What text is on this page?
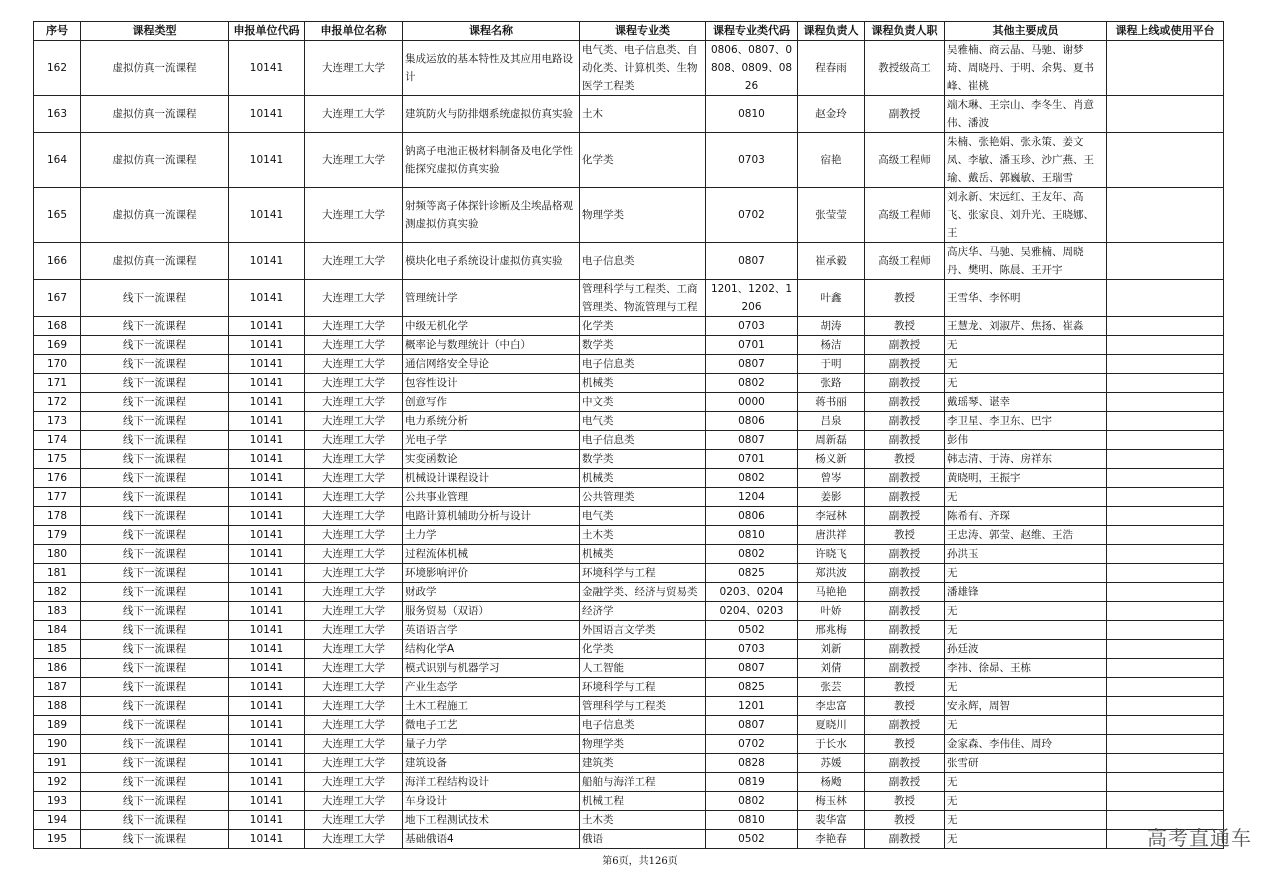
序号	课程类型	申报单位代码	申报单位名称	课程名称	课程专业类	课程专业类代码	课程负责人	课程负责人职	其他主要成员	课程上线或使用平台
162	虚拟仿真一流课程	10141	大连理工大学	集成运放的基本特性及其应用电路设计	电气类、电子信息类、自动化类、计算机类、生物医学工程类	0806、0807、0808、0809、0826	程春雨	教授级高工	吴雅楠、商云晶、马驰、谢梦琦、周晓丹、于明、余隽、夏书峰、崔桃	
163	虚拟仿真一流课程	10141	大连理工大学	建筑防火与防排烟系统虚拟仿真实验	土木	0810	赵金玲	副教授	端木琳、王宗山、李冬生、肖意伟、潘波	
164	虚拟仿真一流课程	10141	大连理工大学	钠离子电池正极材料制备及电化学性能探究虚拟仿真实验	化学类	0703	宿艳	高级工程师	朱楠、张艳娟、张永策、姜文凤、李敏、潘玉珍、沙广燕、王瑜、戴岳、郭巍敏、王瑞雪	
165	虚拟仿真一流课程	10141	大连理工大学	射频等离子体探针诊断及尘埃晶格观测虚拟仿真实验	物理学类	0702	张莹莹	高级工程师	刘永新、宋远红、王友年、高飞、张家良、刘升光、王晓娜、王	
166	虚拟仿真一流课程	10141	大连理工大学	模块化电子系统设计虚拟仿真实验	电子信息类	0807	崔承毅	高级工程师	高庆华、马驰、吴雅楠、周晓丹、樊明、陈晨、王开宇	
167	线下一流课程	10141	大连理工大学	管理统计学	管理科学与工程类、工商管理类、物流管理与工程	1201、1202、1206	叶鑫	教授	王雪华、李怀明	
168	线下一流课程	10141	大连理工大学	中级无机化学	化学类	0703	胡涛	教授	王慧龙、刘淑芹、焦扬、崔淼	
169	线下一流课程	10141	大连理工大学	概率论与数理统计（中白）	数学类	0701	杨洁	副教授	无	
170	线下一流课程	10141	大连理工大学	通信网络安全导论	电子信息类	0807	于明	副教授	无	
171	线下一流课程	10141	大连理工大学	包容性设计	机械类	0802	张路	副教授	无	
172	线下一流课程	10141	大连理工大学	创意写作	中文类	0000	蒋书丽	副教授	戴瑶琴、谌幸	
173	线下一流课程	10141	大连理工大学	电力系统分析	电气类	0806	吕泉	副教授	李卫星、李卫东、巴宇	
174	线下一流课程	10141	大连理工大学	光电子学	电子信息类	0807	周新磊	副教授	彭伟	
175	线下一流课程	10141	大连理工大学	实变函数论	数学类	0701	杨义新	教授	韩志清、于涛、房祥东	
176	线下一流课程	10141	大连理工大学	机械设计课程设计	机械类	0802	曾岑	副教授	黄晓明，王振宇	
177	线下一流课程	10141	大连理工大学	公共事业管理	公共管理类	1204	姜影	副教授	无	
178	线下一流课程	10141	大连理工大学	电路计算机辅助分析与设计	电气类	0806	李冠林	副教授	陈希有、齐琛	
179	线下一流课程	10141	大连理工大学	土力学	土木类	0810	唐洪祥	教授	王忠涛、郭莹、赵维、王浩	
180	线下一流课程	10141	大连理工大学	过程流体机械	机械类	0802	许晓飞	副教授	孙洪玉	
181	线下一流课程	10141	大连理工大学	环境影响评价	环境科学与工程	0825	郑洪波	副教授	无	
182	线下一流课程	10141	大连理工大学	财政学	金融学类、经济与贸易类	0203、0204	马艳艳	副教授	潘雄锋	
183	线下一流课程	10141	大连理工大学	服务贸易（双语）	经济学	0204、0203	叶娇	副教授	无	
184	线下一流课程	10141	大连理工大学	英语语言学	外国语言文学类	0502	邢兆梅	副教授	无	
185	线下一流课程	10141	大连理工大学	结构化学A	化学类	0703	刘新	副教授	孙廷波	
186	线下一流课程	10141	大连理工大学	模式识别与机器学习	人工智能	0807	刘倩	副教授	李祎、徐昴、王栋	
187	线下一流课程	10141	大连理工大学	产业生态学	环境科学与工程	0825	张芸	教授	无	
188	线下一流课程	10141	大连理工大学	土木工程施工	管理科学与工程类	1201	李忠富	教授	安永辉，周智	
189	线下一流课程	10141	大连理工大学	微电子工艺	电子信息类	0807	夏晓川	副教授	无	
190	线下一流课程	10141	大连理工大学	量子力学	物理学类	0702	于长水	教授	金家森、李伟佳、周玲	
191	线下一流课程	10141	大连理工大学	建筑设备	建筑类	0828	苏媛	副教授	张雪研	
192	线下一流课程	10141	大连理工大学	海洋工程结构设计	船舶与海洋工程	0819	杨飏	副教授	无	
193	线下一流课程	10141	大连理工大学	车身设计	机械工程	0802	梅玉林	教授	无	
194	线下一流课程	10141	大连理工大学	地下工程测试技术	土木类	0810	裴华富	教授	无	
195	线下一流课程	10141	大连理工大学	基础俄语4	俄语	0502	李艳春	副教授	无	
第6页，共126页
高考直通车
